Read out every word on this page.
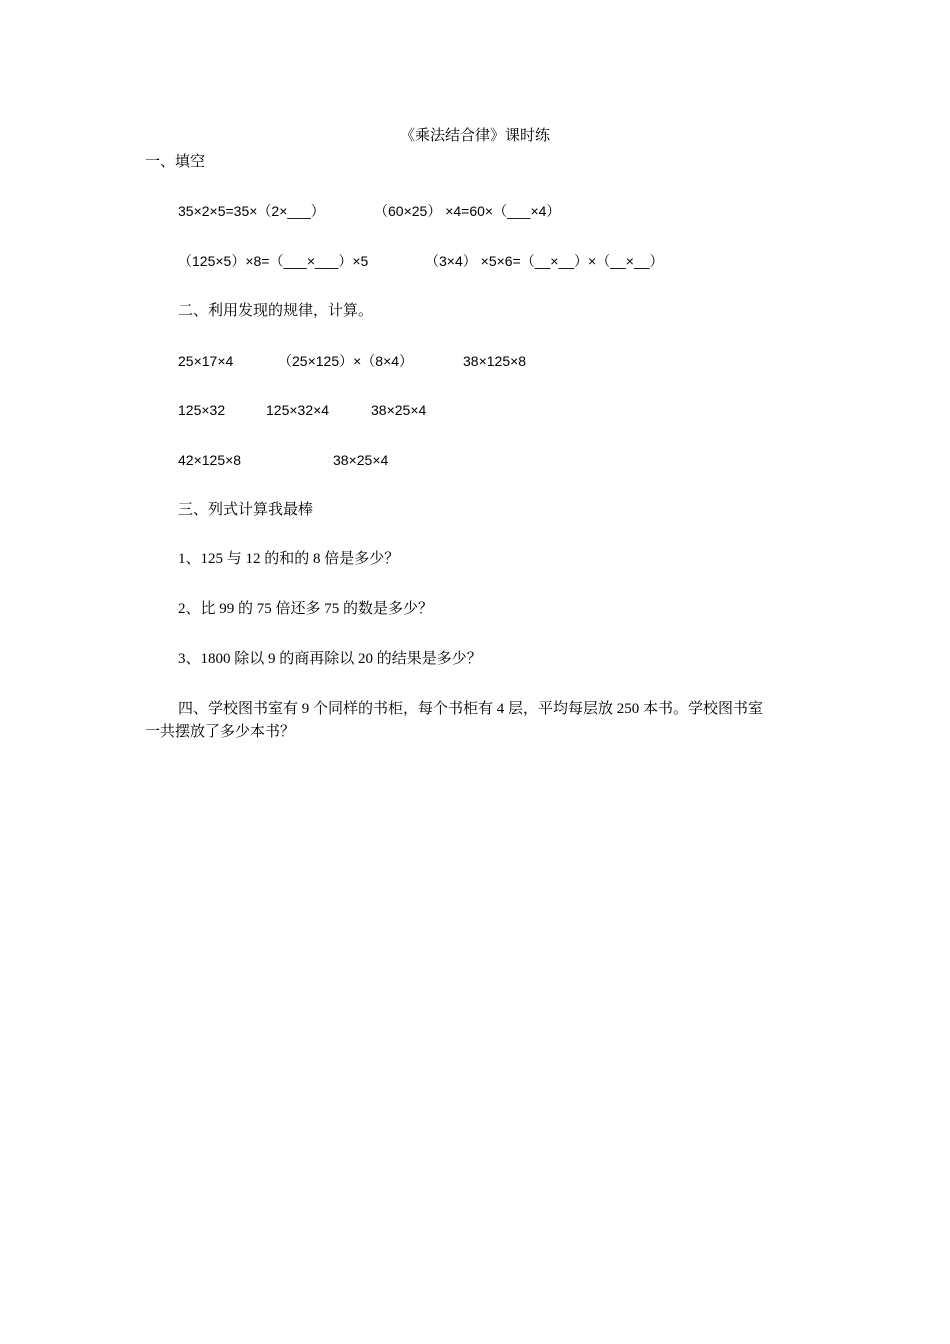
《乘法结合律》课时练
一、填空
35×2×5=35×（2×___）	（60×25） ×4=60×（___×4）
（125×5）×8=（___×___）×5	（3×4） ×5×6=（__×__）×（__×__）
二、利用发现的规律，计算。
25×17×4	（25×125）×（8×4）	38×125×8
125×32	125×32×4	38×25×4
42×125×8	38×25×4
三、列式计算我最棒
1、125 与 12 的和的 8 倍是多少？
2、比 99 的 75 倍还多 75 的数是多少？
3、1800 除以 9 的商再除以 20 的结果是多少？
四、学校图书室有 9 个同样的书柜，每个书柜有 4 层，平均每层放 250 本书。学校图书室
一共摆放了多少本书？
